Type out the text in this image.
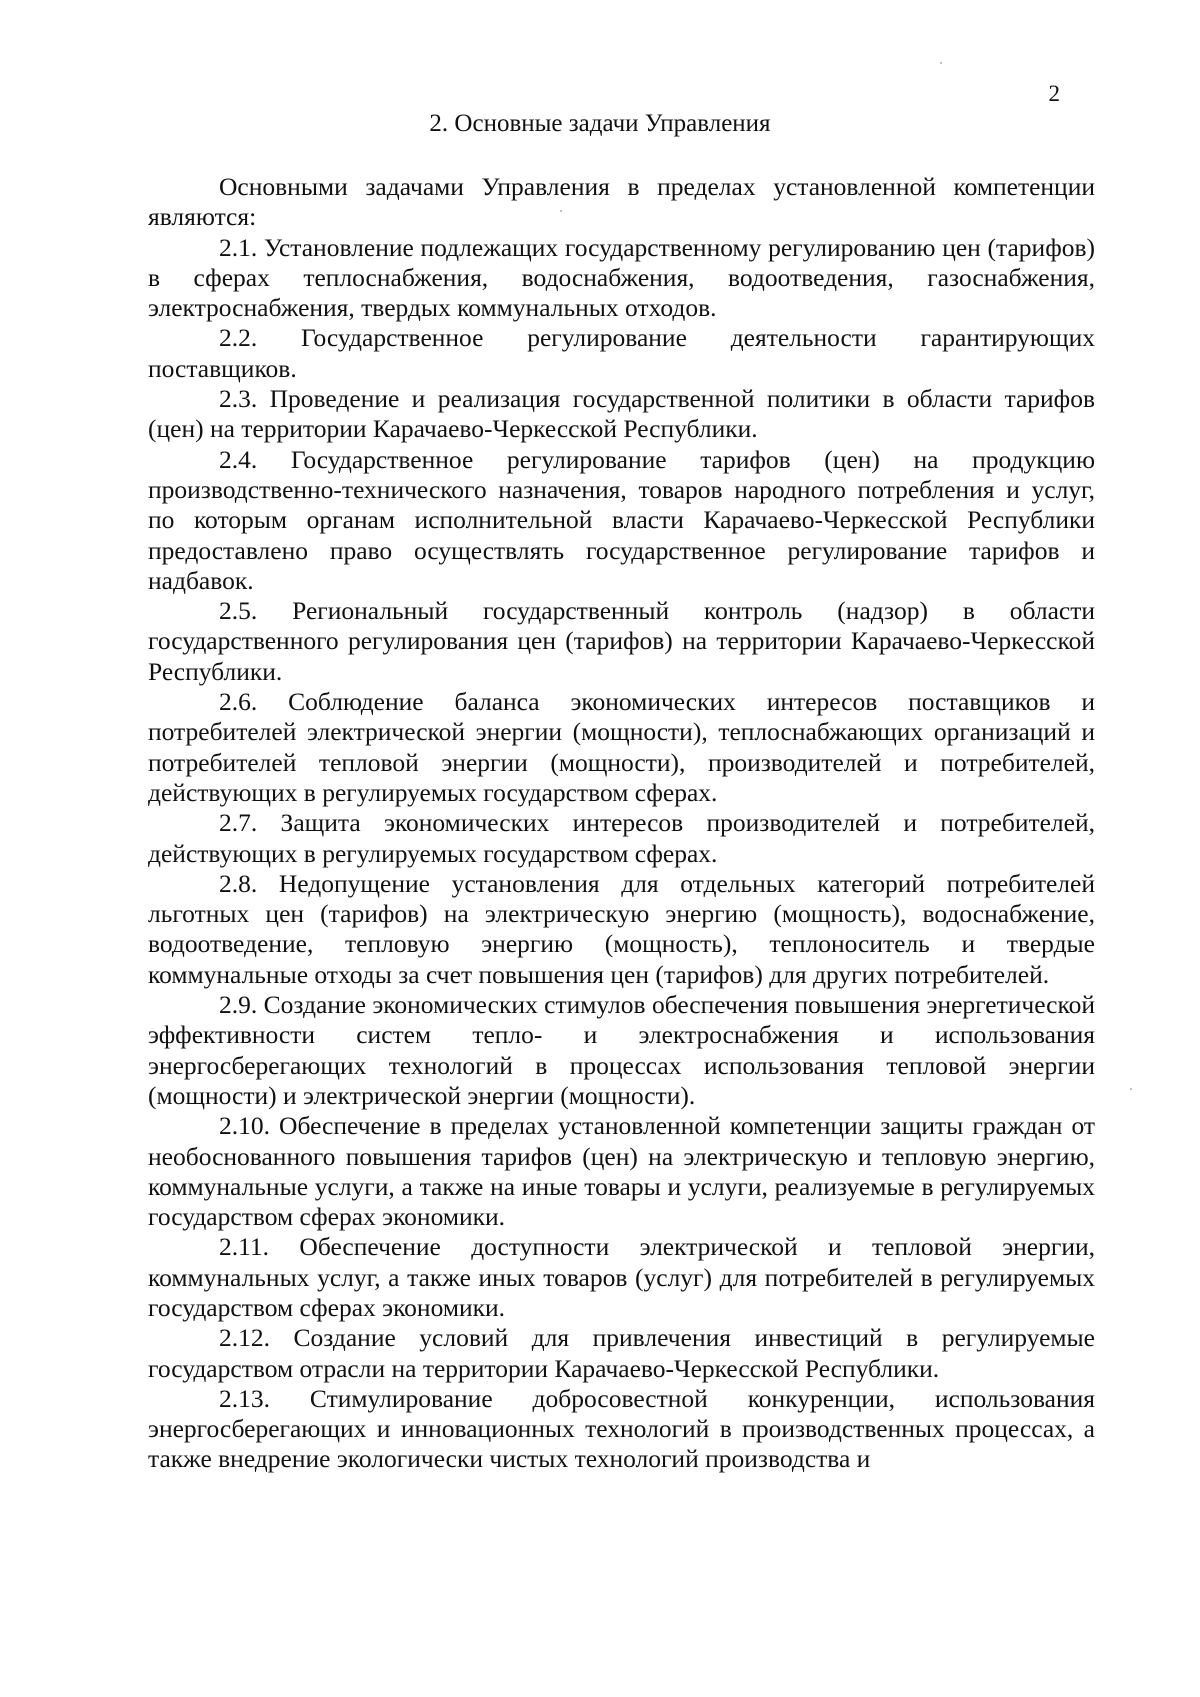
2
2. Основные задачи Управления

Основными задачами Управления в пределах установленной компетенции являются:

2.1. Установление подлежащих государственному регулированию цен (тарифов) в сферах теплоснабжения, водоснабжения, водоотведения, газоснабжения, электроснабжения, твердых коммунальных отходов.

2.2. Государственное регулирование деятельности гарантирующих поставщиков.

2.3. Проведение и реализация государственной политики в области тарифов (цен) на территории Карачаево-Черкесской Республики.

2.4. Государственное регулирование тарифов (цен) на продукцию производственно-технического назначения, товаров народного потребления и услуг, по которым органам исполнительной власти Карачаево-Черкесской Республики предоставлено право осуществлять государственное регулирование тарифов и надбавок.

2.5. Региональный государственный контроль (надзор) в области государственного регулирования цен (тарифов) на территории Карачаево-Черкесской Республики.

2.6. Соблюдение баланса экономических интересов поставщиков и потребителей электрической энергии (мощности), теплоснабжающих организаций и потребителей тепловой энергии (мощности), производителей и потребителей, действующих в регулируемых государством сферах.

2.7. Защита экономических интересов производителей и потребителей, действующих в регулируемых государством сферах.

2.8. Недопущение установления для отдельных категорий потребителей льготных цен (тарифов) на электрическую энергию (мощность), водоснабжение, водоотведение, тепловую энергию (мощность), теплоноситель и твердые коммунальные отходы за счет повышения цен (тарифов) для других потребителей.

2.9. Создание экономических стимулов обеспечения повышения энергетической эффективности систем тепло- и электроснабжения и использования энергосберегающих технологий в процессах использования тепловой энергии (мощности) и электрической энергии (мощности).

2.10. Обеспечение в пределах установленной компетенции защиты граждан от необоснованного повышения тарифов (цен) на электрическую и тепловую энергию, коммунальные услуги, а также на иные товары и услуги, реализуемые в регулируемых государством сферах экономики.

2.11. Обеспечение доступности электрической и тепловой энергии, коммунальных услуг, а также иных товаров (услуг) для потребителей в регулируемых государством сферах экономики.

2.12. Создание условий для привлечения инвестиций в регулируемые государством отрасли на территории Карачаево-Черкесской Республики.

2.13. Стимулирование добросовестной конкуренции, использования энергосберегающих и инновационных технологий в производственных процессах, а также внедрение экологически чистых технологий производства и
